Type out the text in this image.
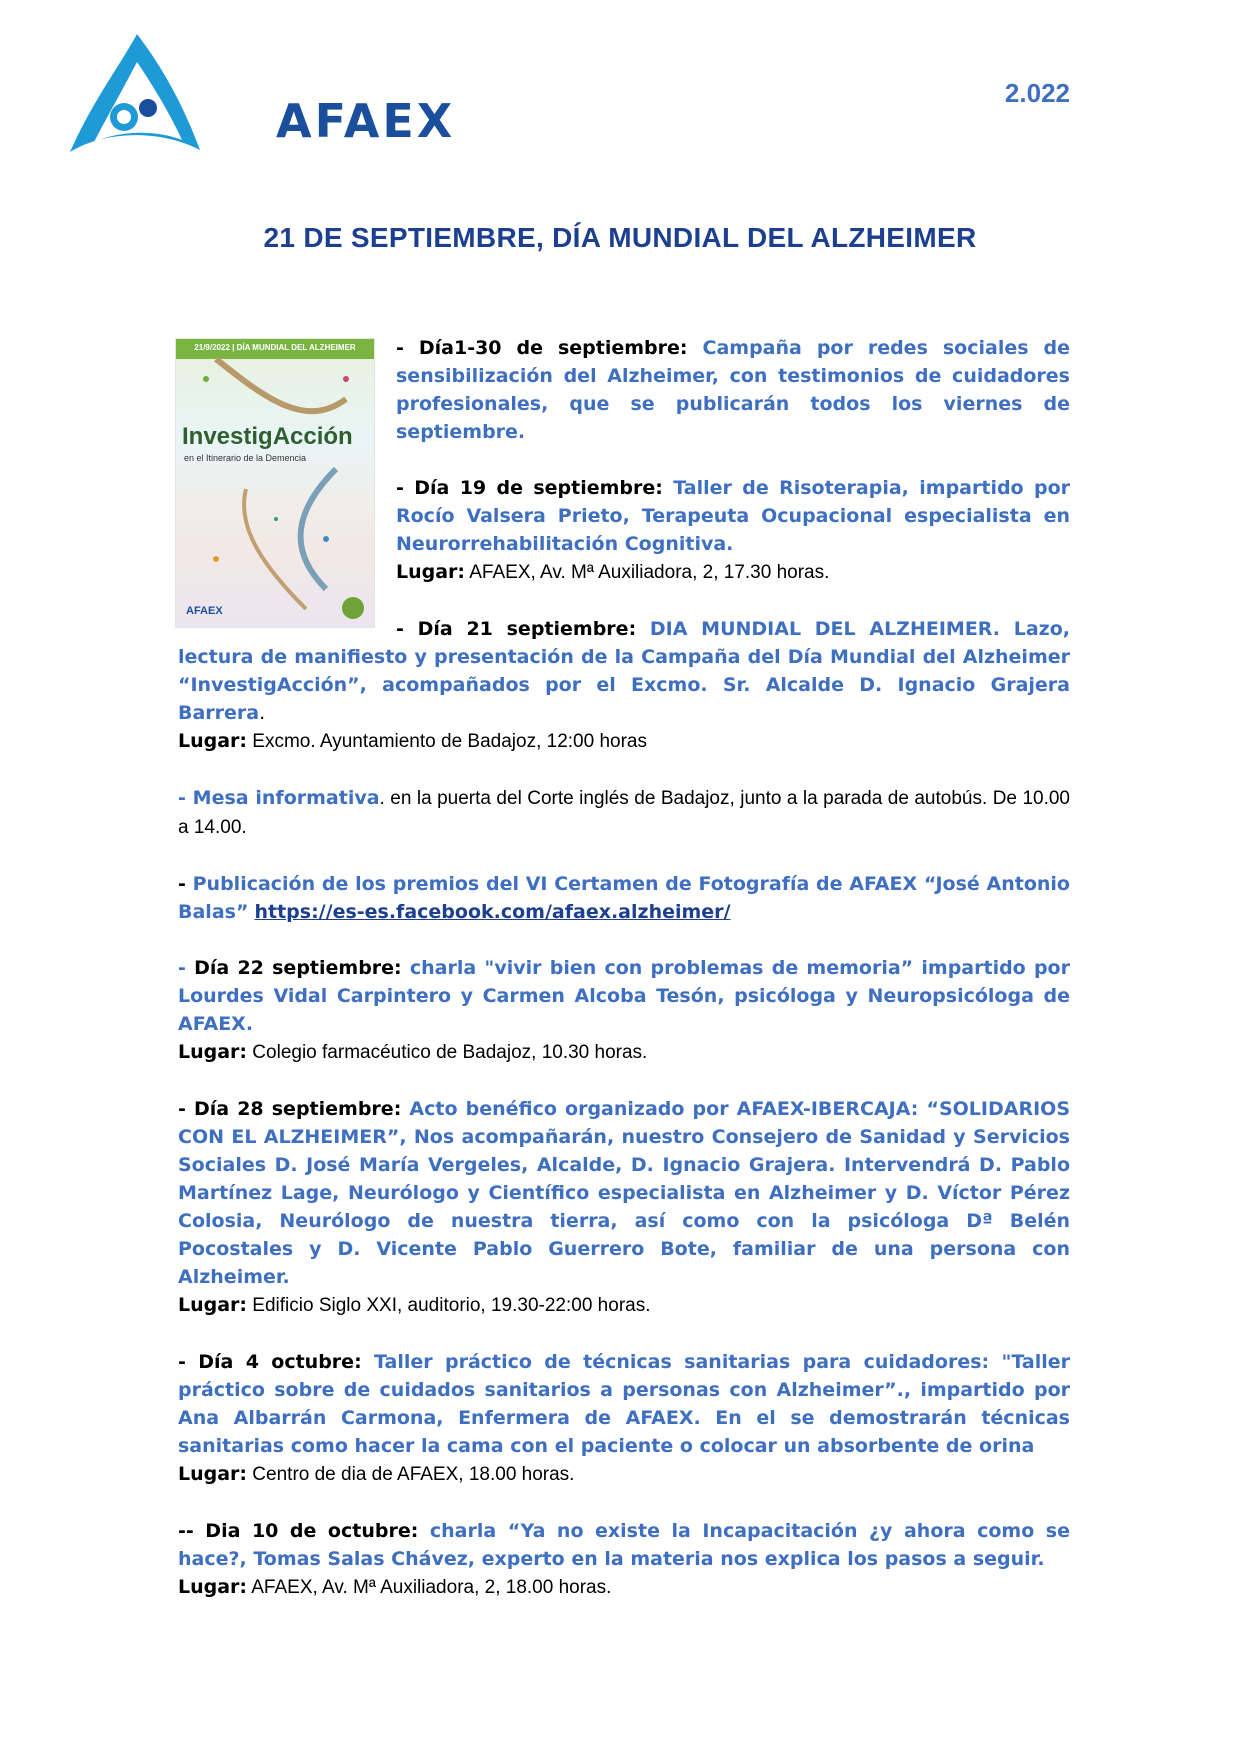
AFAEX
2.022
21 DE SEPTIEMBRE, DÍA MUNDIAL DEL ALZHEIMER
21/9/2022 | DÍA MUNDIAL DEL ALZHEIMER
InvestigAcción
en el Itinerario de la Demencia
AFAEX

- Día1-30 de septiembre: Campaña por redes sociales de sensibilización del Alzheimer, con testimonios de cuidadores profesionales, que se publicarán todos los viernes de septiembre.

- Día 19 de septiembre: Taller de Risoterapia, impartido por Rocío Valsera Prieto, Terapeuta Ocupacional especialista en Neurorrehabilitación Cognitiva.

Lugar: AFAEX, Av. Mª Auxiliadora, 2, 17.30 horas.

- Día 21 septiembre: DIA MUNDIAL DEL ALZHEIMER. Lazo, lectura de manifiesto y presentación de la Campaña del Día Mundial del Alzheimer “InvestigAcción”, acompañados por el Excmo. Sr. Alcalde D. Ignacio Grajera Barrera.

Lugar: Excmo. Ayuntamiento de Badajoz, 12:00 horas

- Mesa informativa. en la puerta del Corte inglés de Badajoz, junto a la parada de autobús. De 10.00 a 14.00.

- Publicación de los premios del VI Certamen de Fotografía de AFAEX “José Antonio Balas” https://es-es.facebook.com/afaex.alzheimer/

- Día 22 septiembre: charla "vivir bien con problemas de memoria” impartido por Lourdes Vidal Carpintero y Carmen Alcoba Tesón, psicóloga y Neuropsicóloga de AFAEX.

Lugar: Colegio farmacéutico de Badajoz, 10.30 horas.

- Día 28 septiembre: Acto benéfico organizado por AFAEX-IBERCAJA: “SOLIDARIOS CON EL ALZHEIMER”, Nos acompañarán, nuestro Consejero de Sanidad y Servicios Sociales D. José María Vergeles, Alcalde, D. Ignacio Grajera. Intervendrá D. Pablo Martínez Lage, Neurólogo y Científico especialista en Alzheimer y D. Víctor Pérez Colosia, Neurólogo de nuestra tierra, así como con la psicóloga Dª Belén Pocostales y D. Vicente Pablo Guerrero Bote, familiar de una persona con Alzheimer.

Lugar: Edificio Siglo XXI, auditorio, 19.30-22:00 horas.

- Día 4 octubre: Taller práctico de técnicas sanitarias para cuidadores: "Taller práctico sobre de cuidados sanitarios a personas con Alzheimer”., impartido por Ana Albarrán Carmona, Enfermera de AFAEX. En el se demostrarán técnicas sanitarias como hacer la cama con el paciente o colocar un absorbente de orina

Lugar: Centro de dia de AFAEX, 18.00 horas.

-- Dia 10 de octubre: charla “Ya no existe la Incapacitación ¿y ahora como se hace?, Tomas Salas Chávez, experto en la materia nos explica los pasos a seguir.

Lugar: AFAEX, Av. Mª Auxiliadora, 2, 18.00 horas.
